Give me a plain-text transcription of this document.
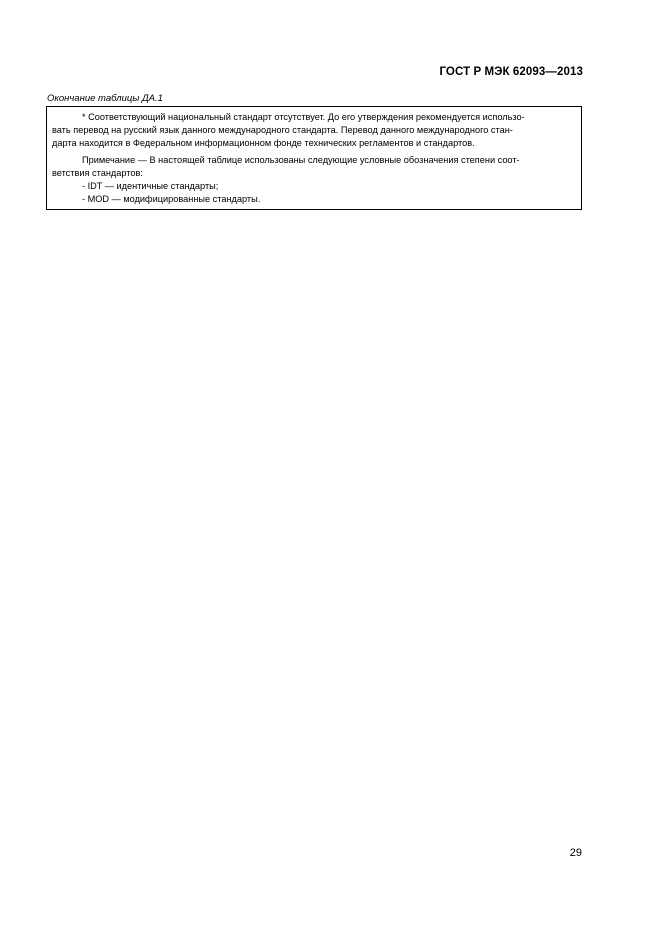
ГОСТ Р МЭК 62093—2013
Окончание таблицы ДА.1

* Соответствующий национальный стандарт отсутствует. До его утверждения рекомендуется использо-

вать перевод на русский язык данного международного стандарта. Перевод данного международного стан-

дарта находится в Федеральном информационном фонде технических регламентов и стандартов.

Примечание — В настоящей таблице использованы следующие условные обозначения степени соот-

ветствия стандартов:

- IDT — идентичные стандарты;

- MOD — модифицированные стандарты.

29
